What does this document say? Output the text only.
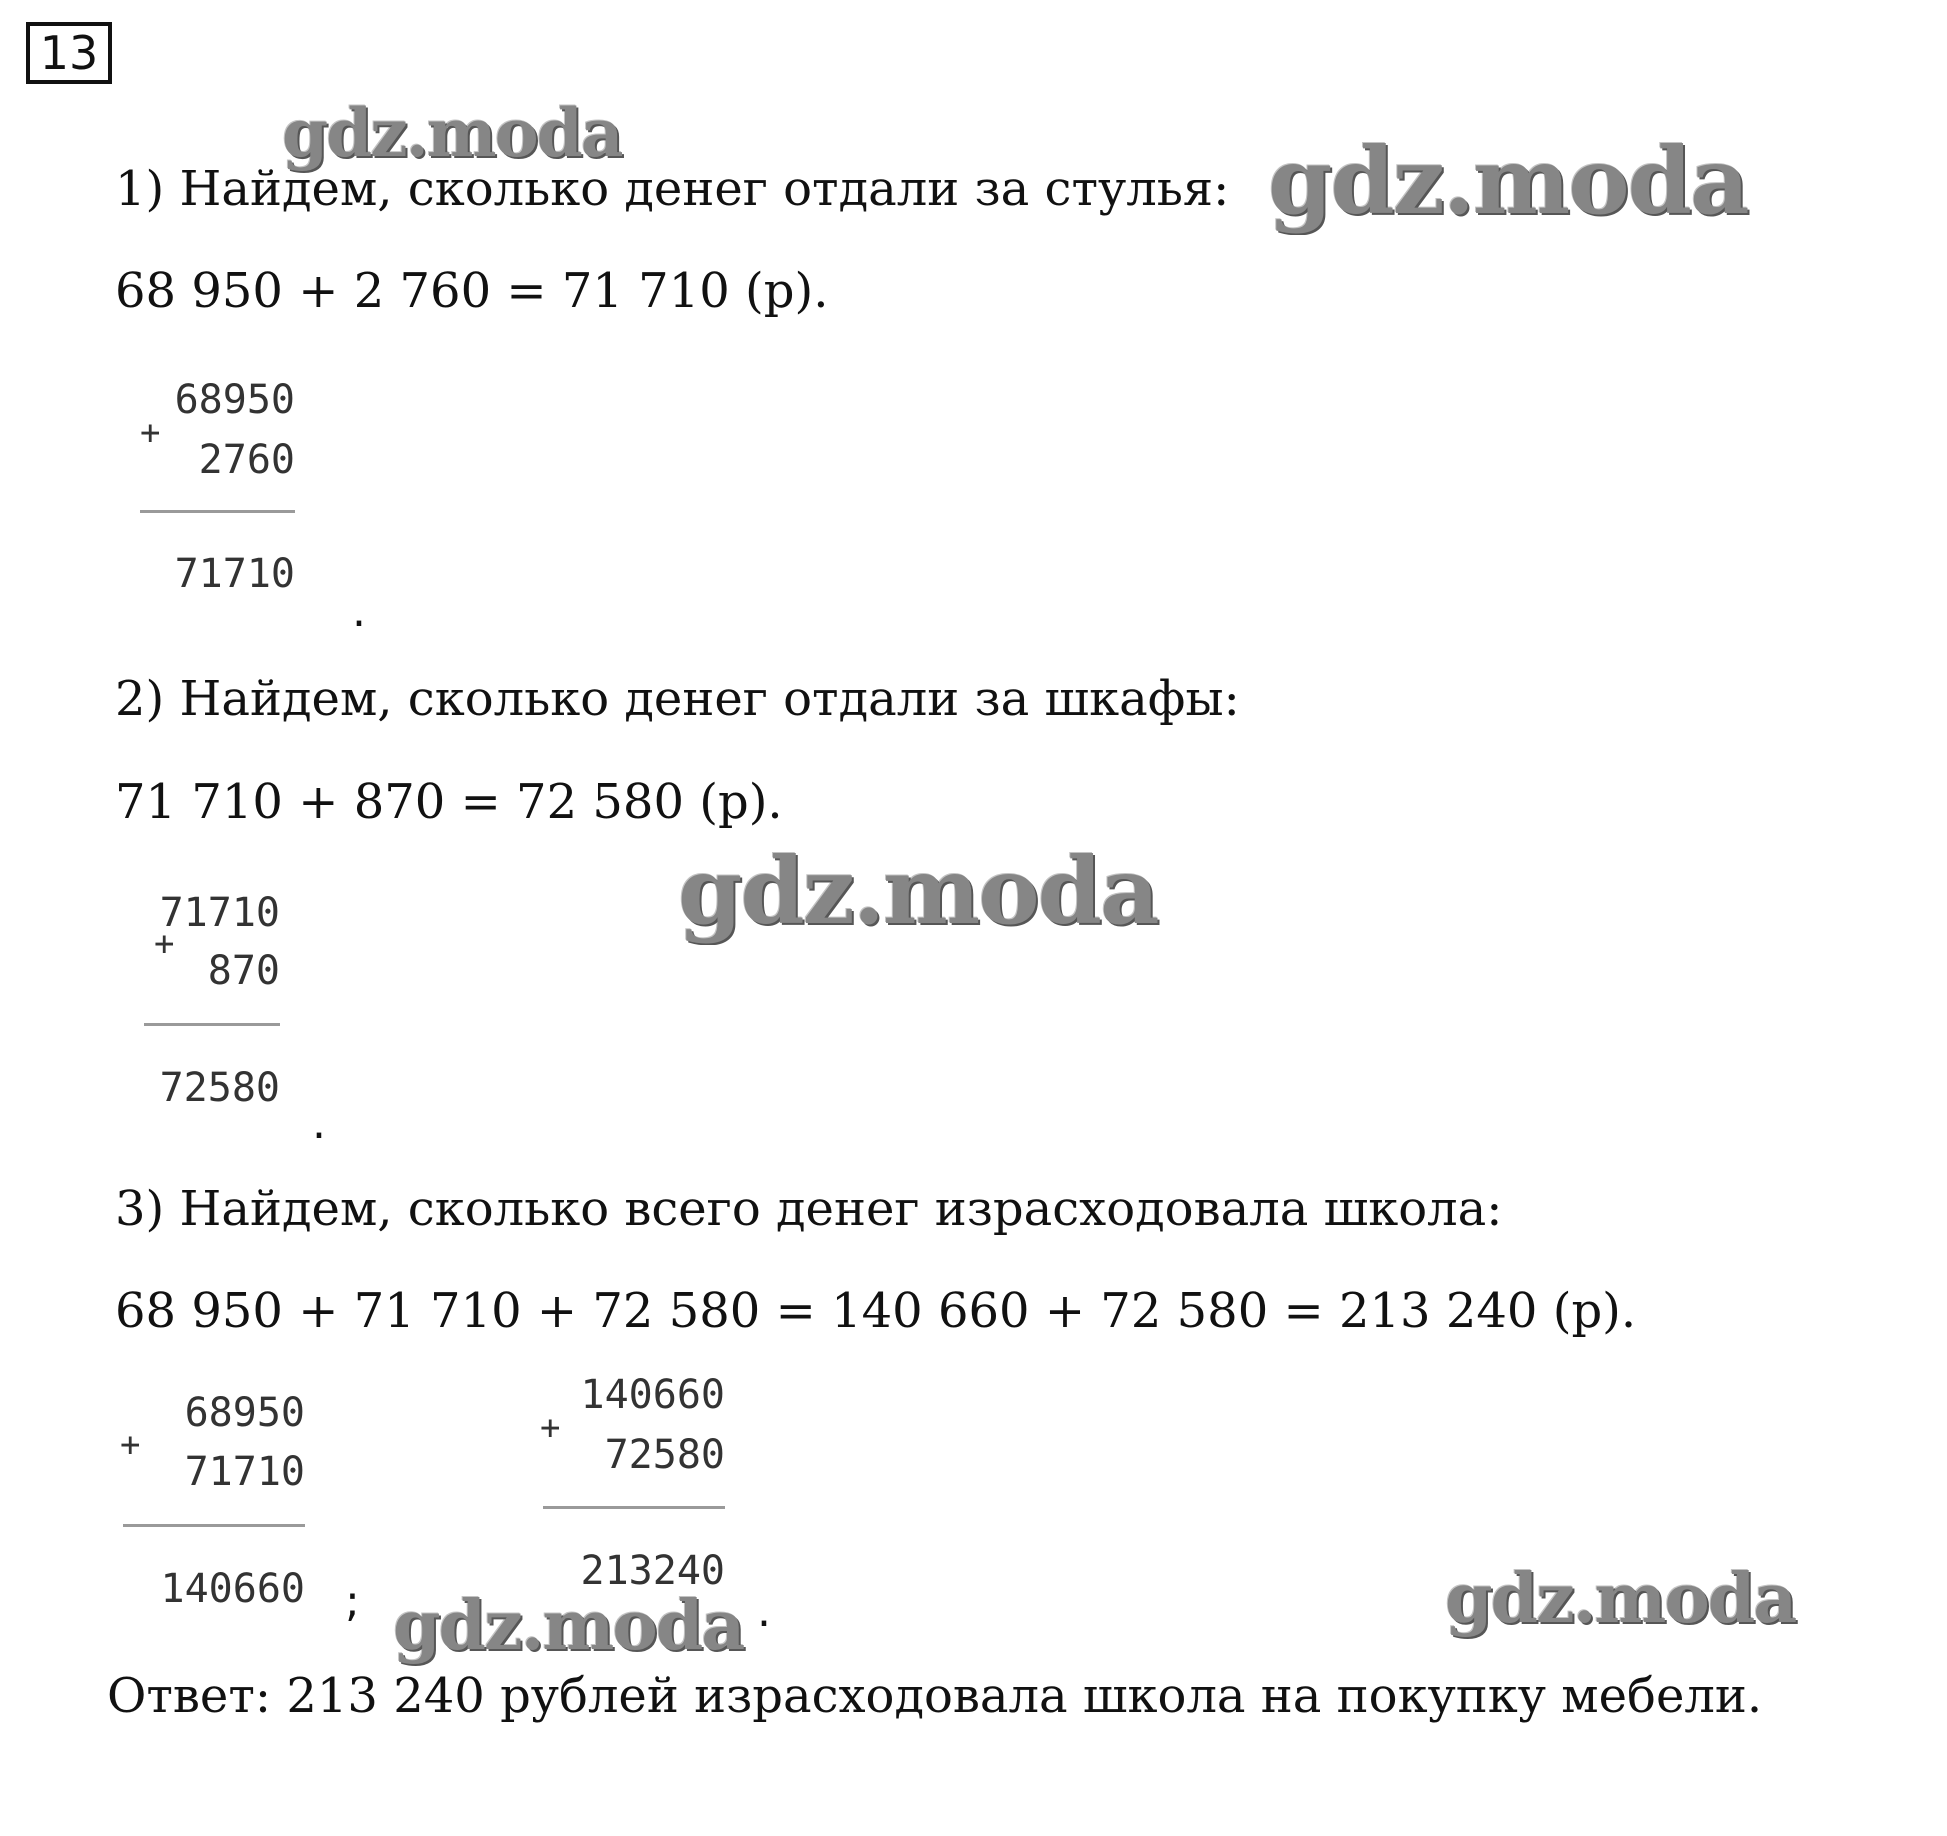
13
gdz.moda	gdz.moda
gdz.moda
gdz.moda
gdz.moda
1) Найдем, сколько денег отдали за стулья:
68 950 + 2 760 = 71 710 (р).
68950
+
2760
71710
.
2) Найдем, сколько денег отдали за шкафы:
71 710 + 870 = 72 580 (р).
71710
+
870
72580
.
3) Найдем, сколько всего денег израсходовала школа:
68 950 + 71 710 + 72 580 = 140 660 + 72 580 = 213 240 (р).
68950
+
71710
140660 ;
140660
+
72580
213240
.
Ответ: 213 240 рублей израсходовала школа на покупку мебели.
